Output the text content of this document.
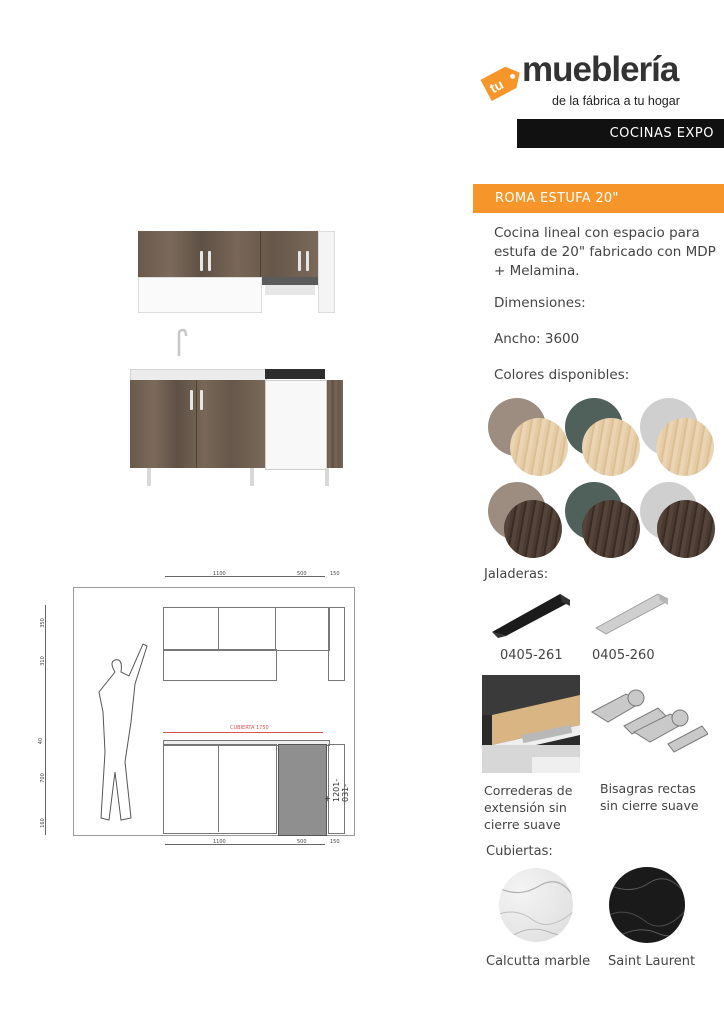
tu mueblería
de la fábrica a tu hogar
COCINAS EXPO
ROMA ESTUFA 20"
Cocina lineal con espacio para estufa de 20" fabricado con MDP + Melamina.
Dimensiones:
Ancho: 3600
Colores disponibles:
Jaladeras:
0405-261 0405-260
Correderas de extensión sin cierre suave
Bisagras rectas sin cierre suave
Cubiertas:
Calcutta marble Saint Laurent
1100	500	150
350
310
40
700
160
CUBIERTA 1750
+ 1201-031-
1100	500	150
